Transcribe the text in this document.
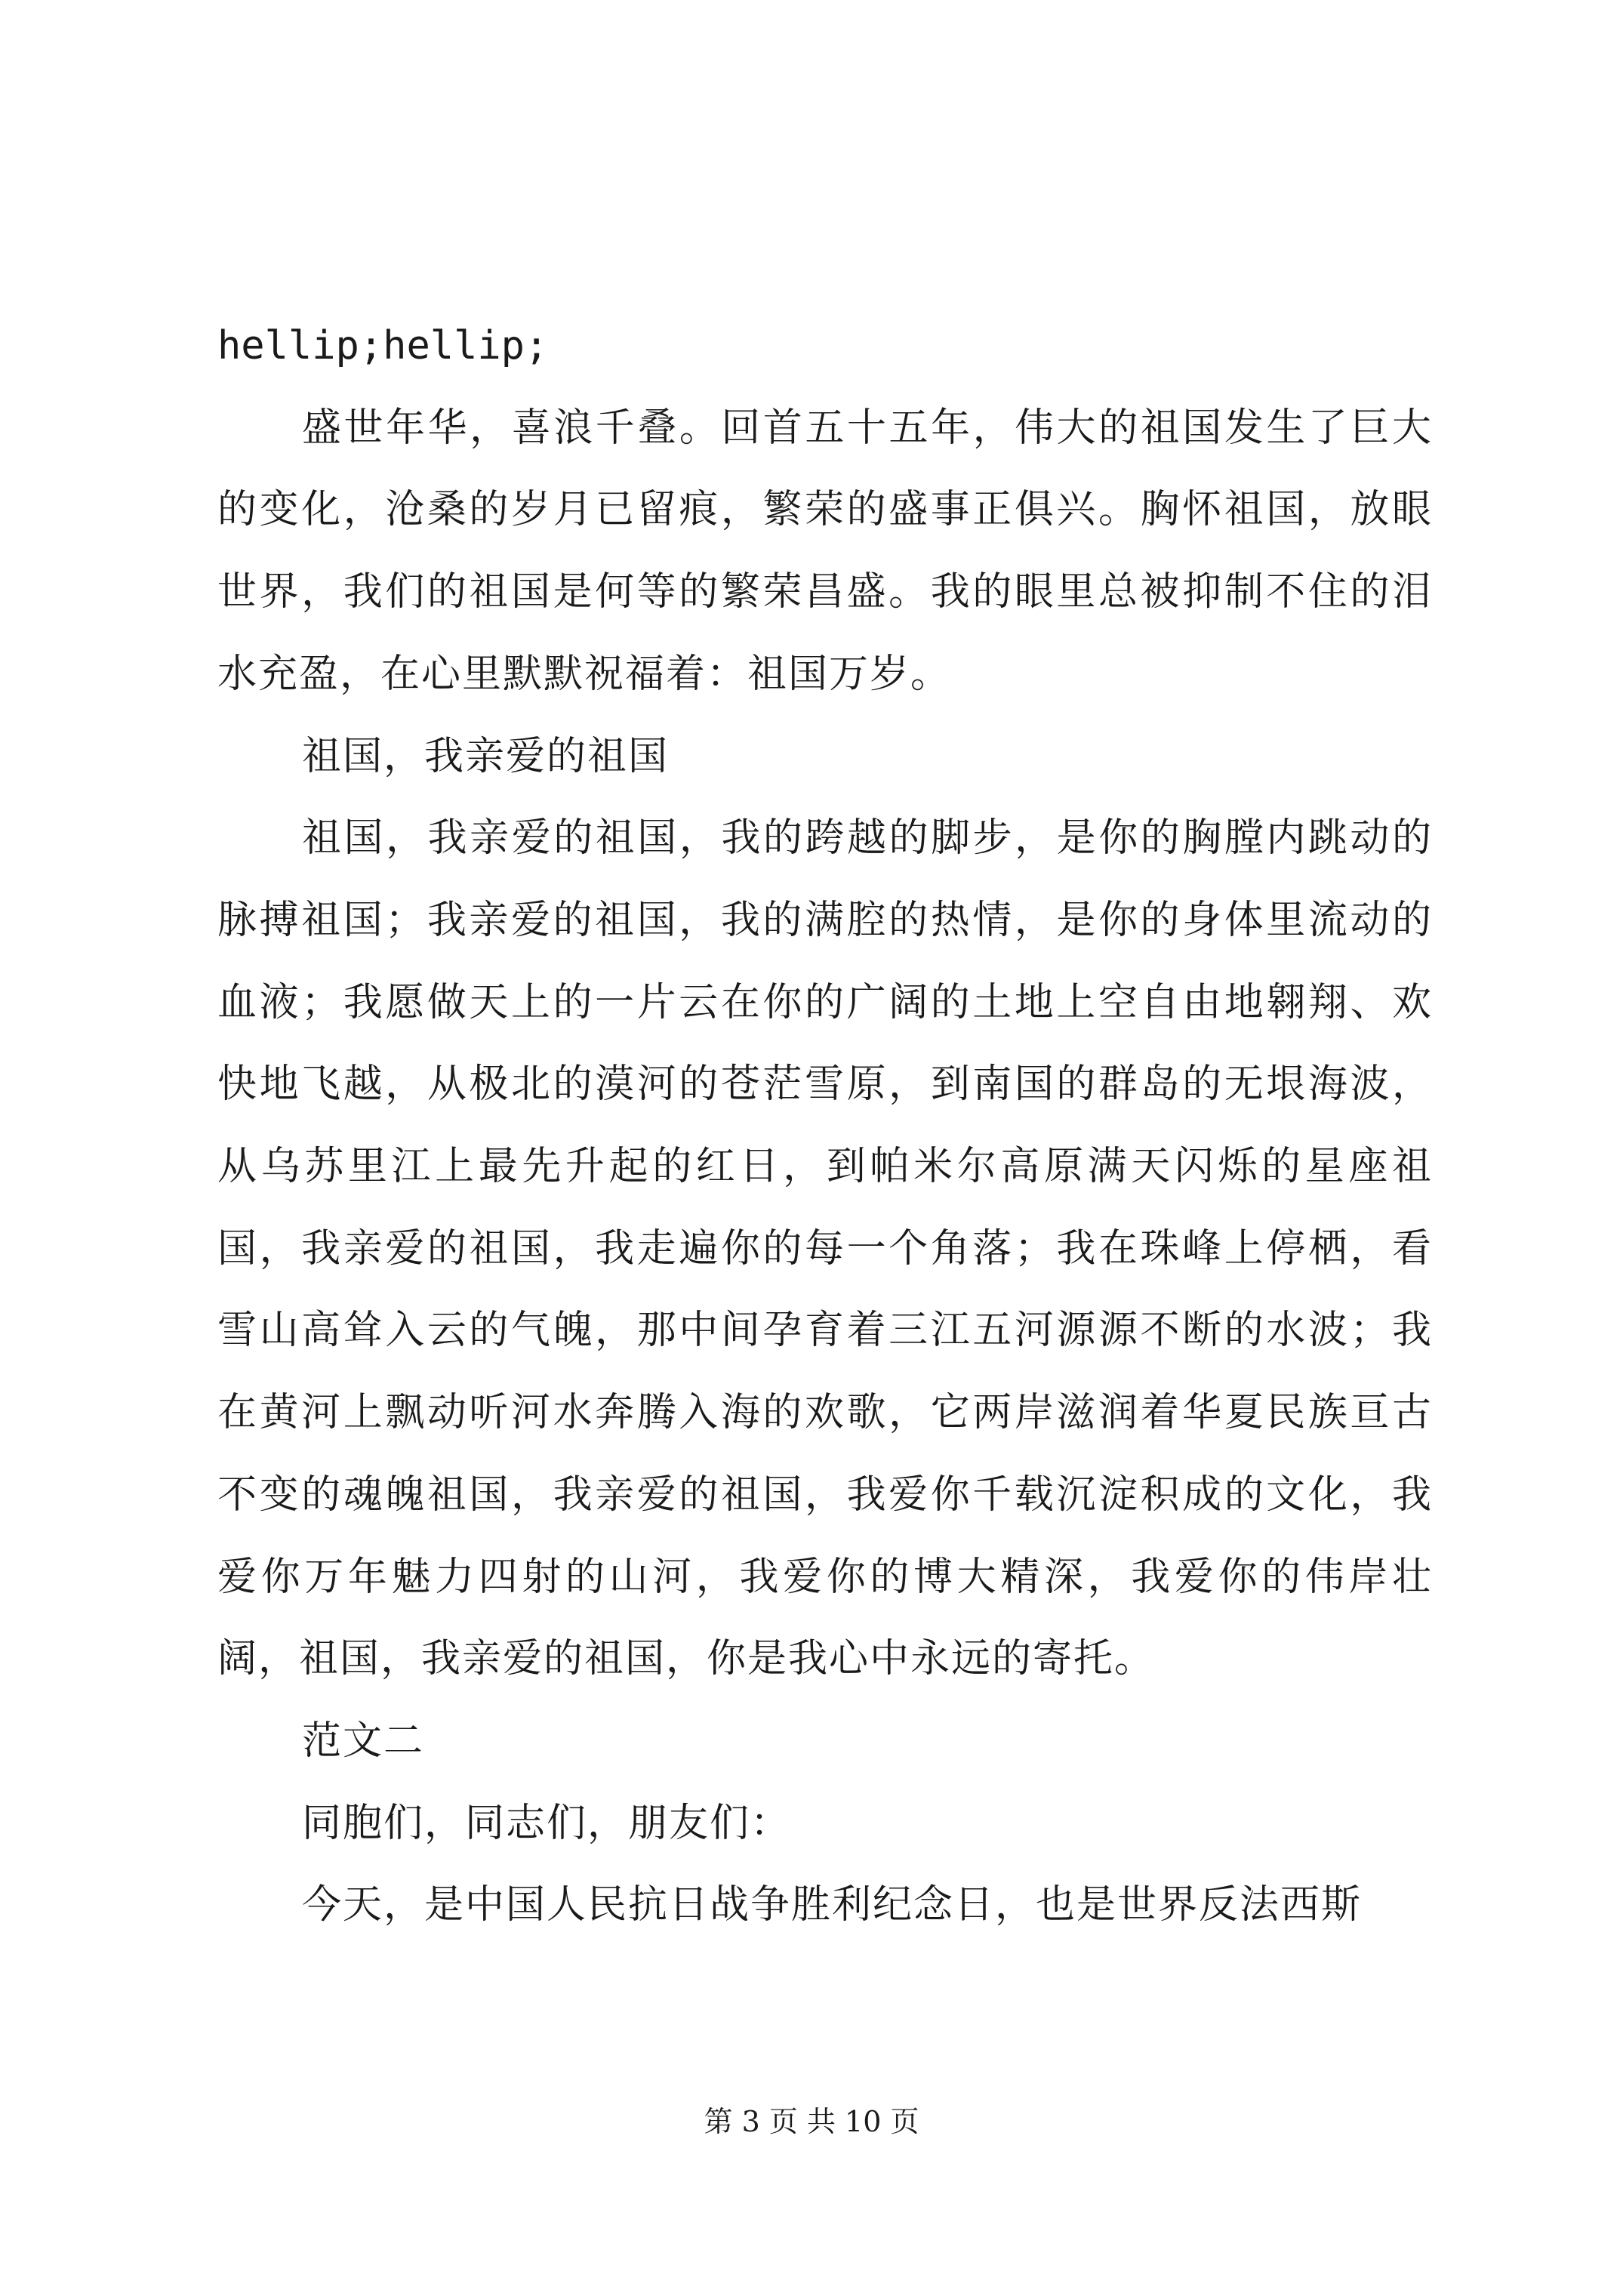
hellip;hellip;

盛世年华，喜浪千叠。回首五十五年，伟大的祖国发生了巨大的变化，沧桑的岁月已留痕，繁荣的盛事正俱兴。胸怀祖国，放眼世界，我们的祖国是何等的繁荣昌盛。我的眼里总被抑制不住的泪水充盈，在心里默默祝福着：祖国万岁。

祖国，我亲爱的祖国

祖国，我亲爱的祖国，我的跨越的脚步，是你的胸膛内跳动的脉搏祖国；我亲爱的祖国，我的满腔的热情，是你的身体里流动的血液；我愿做天上的一片云在你的广阔的土地上空自由地翱翔、欢快地飞越，从极北的漠河的苍茫雪原，到南国的群岛的无垠海波，从乌苏里江上最先升起的红日，到帕米尔高原满天闪烁的星座祖国，我亲爱的祖国，我走遍你的每一个角落；我在珠峰上停栖，看雪山高耸入云的气魄，那中间孕育着三江五河源源不断的水波；我在黄河上飘动听河水奔腾入海的欢歌，它两岸滋润着华夏民族亘古不变的魂魄祖国，我亲爱的祖国，我爱你千载沉淀积成的文化，我爱你万年魅力四射的山河，我爱你的博大精深，我爱你的伟岸壮阔，祖国，我亲爱的祖国，你是我心中永远的寄托。

范文二

同胞们，同志们，朋友们：

今天，是中国人民抗日战争胜利纪念日，也是世界反法西斯

第 3 页 共 10 页
